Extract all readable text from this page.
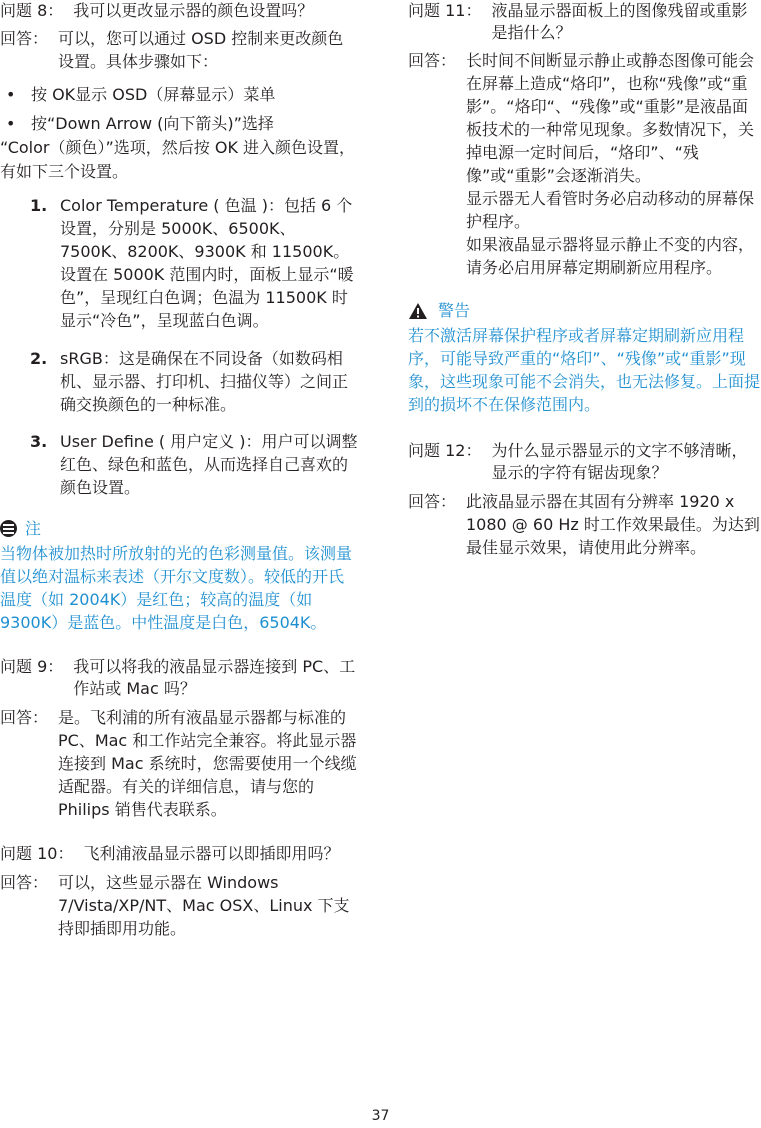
问题 8： 我可以更改显示器的颜色设置吗？
回答： 可以，您可以通过 OSD 控制来更改颜色设置。具体步骤如下：
• 按 OK显示 OSD（屏幕显示）菜单
• 按“Down Arrow (向下箭头)”选择
“Color（颜色）”选项，然后按 OK 进入颜色设置，有如下三个设置。
1. Color Temperature ( 色温 )：包括 6 个设置，分别是 5000K、6500K、7500K、8200K、9300K 和 11500K。设置在 5000K 范围内时，面板上显示“暖色”，呈现红白色调；色温为 11500K 时显示“冷色”，呈现蓝白色调。
2. sRGB：这是确保在不同设备（如数码相机、显示器、打印机、扫描仪等）之间正确交换颜色的一种标准。
3. User Define ( 用户定义 )：用户可以调整红色、绿色和蓝色，从而选择自己喜欢的颜色设置。
注
当物体被加热时所放射的光的色彩测量值。该测量值以绝对温标来表述（开尔文度数）。较低的开氏温度（如 2004K）是红色；较高的温度（如 9300K）是蓝色。中性温度是白色，6504K。
问题 9： 我可以将我的液晶显示器连接到 PC、工作站或 Mac 吗？
回答： 是。飞利浦的所有液晶显示器都与标准的 PC、Mac 和工作站完全兼容。将此显示器连接到 Mac 系统时，您需要使用一个线缆适配器。有关的详细信息，请与您的 Philips 销售代表联系。
问题 10： 飞利浦液晶显示器可以即插即用吗？
回答： 可以，这些显示器在 Windows 7/Vista/XP/NT、Mac OSX、Linux 下支持即插即用功能。
问题 11： 液晶显示器面板上的图像残留或重影是指什么？
回答： 长时间不间断显示静止或静态图像可能会在屏幕上造成“烙印”，也称“残像”或“重影”。“烙印“、“残像”或“重影”是液晶面板技术的一种常见现象。多数情况下，关掉电源一定时间后，“烙印”、“残像”或“重影”会逐渐消失。
显示器无人看管时务必启动移动的屏幕保护程序。
如果液晶显示器将显示静止不变的内容，请务必启用屏幕定期刷新应用程序。
警告
若不激活屏幕保护程序或者屏幕定期刷新应用程序，可能导致严重的“烙印”、“残像”或“重影”现象，这些现象可能不会消失，也无法修复。上面提到的损坏不在保修范围内。
问题 12： 为什么显示器显示的文字不够清晰，显示的字符有锯齿现象？
回答： 此液晶显示器在其固有分辨率 1920 x 1080 @ 60 Hz 时工作效果最佳。为达到最佳显示效果，请使用此分辨率。
37
